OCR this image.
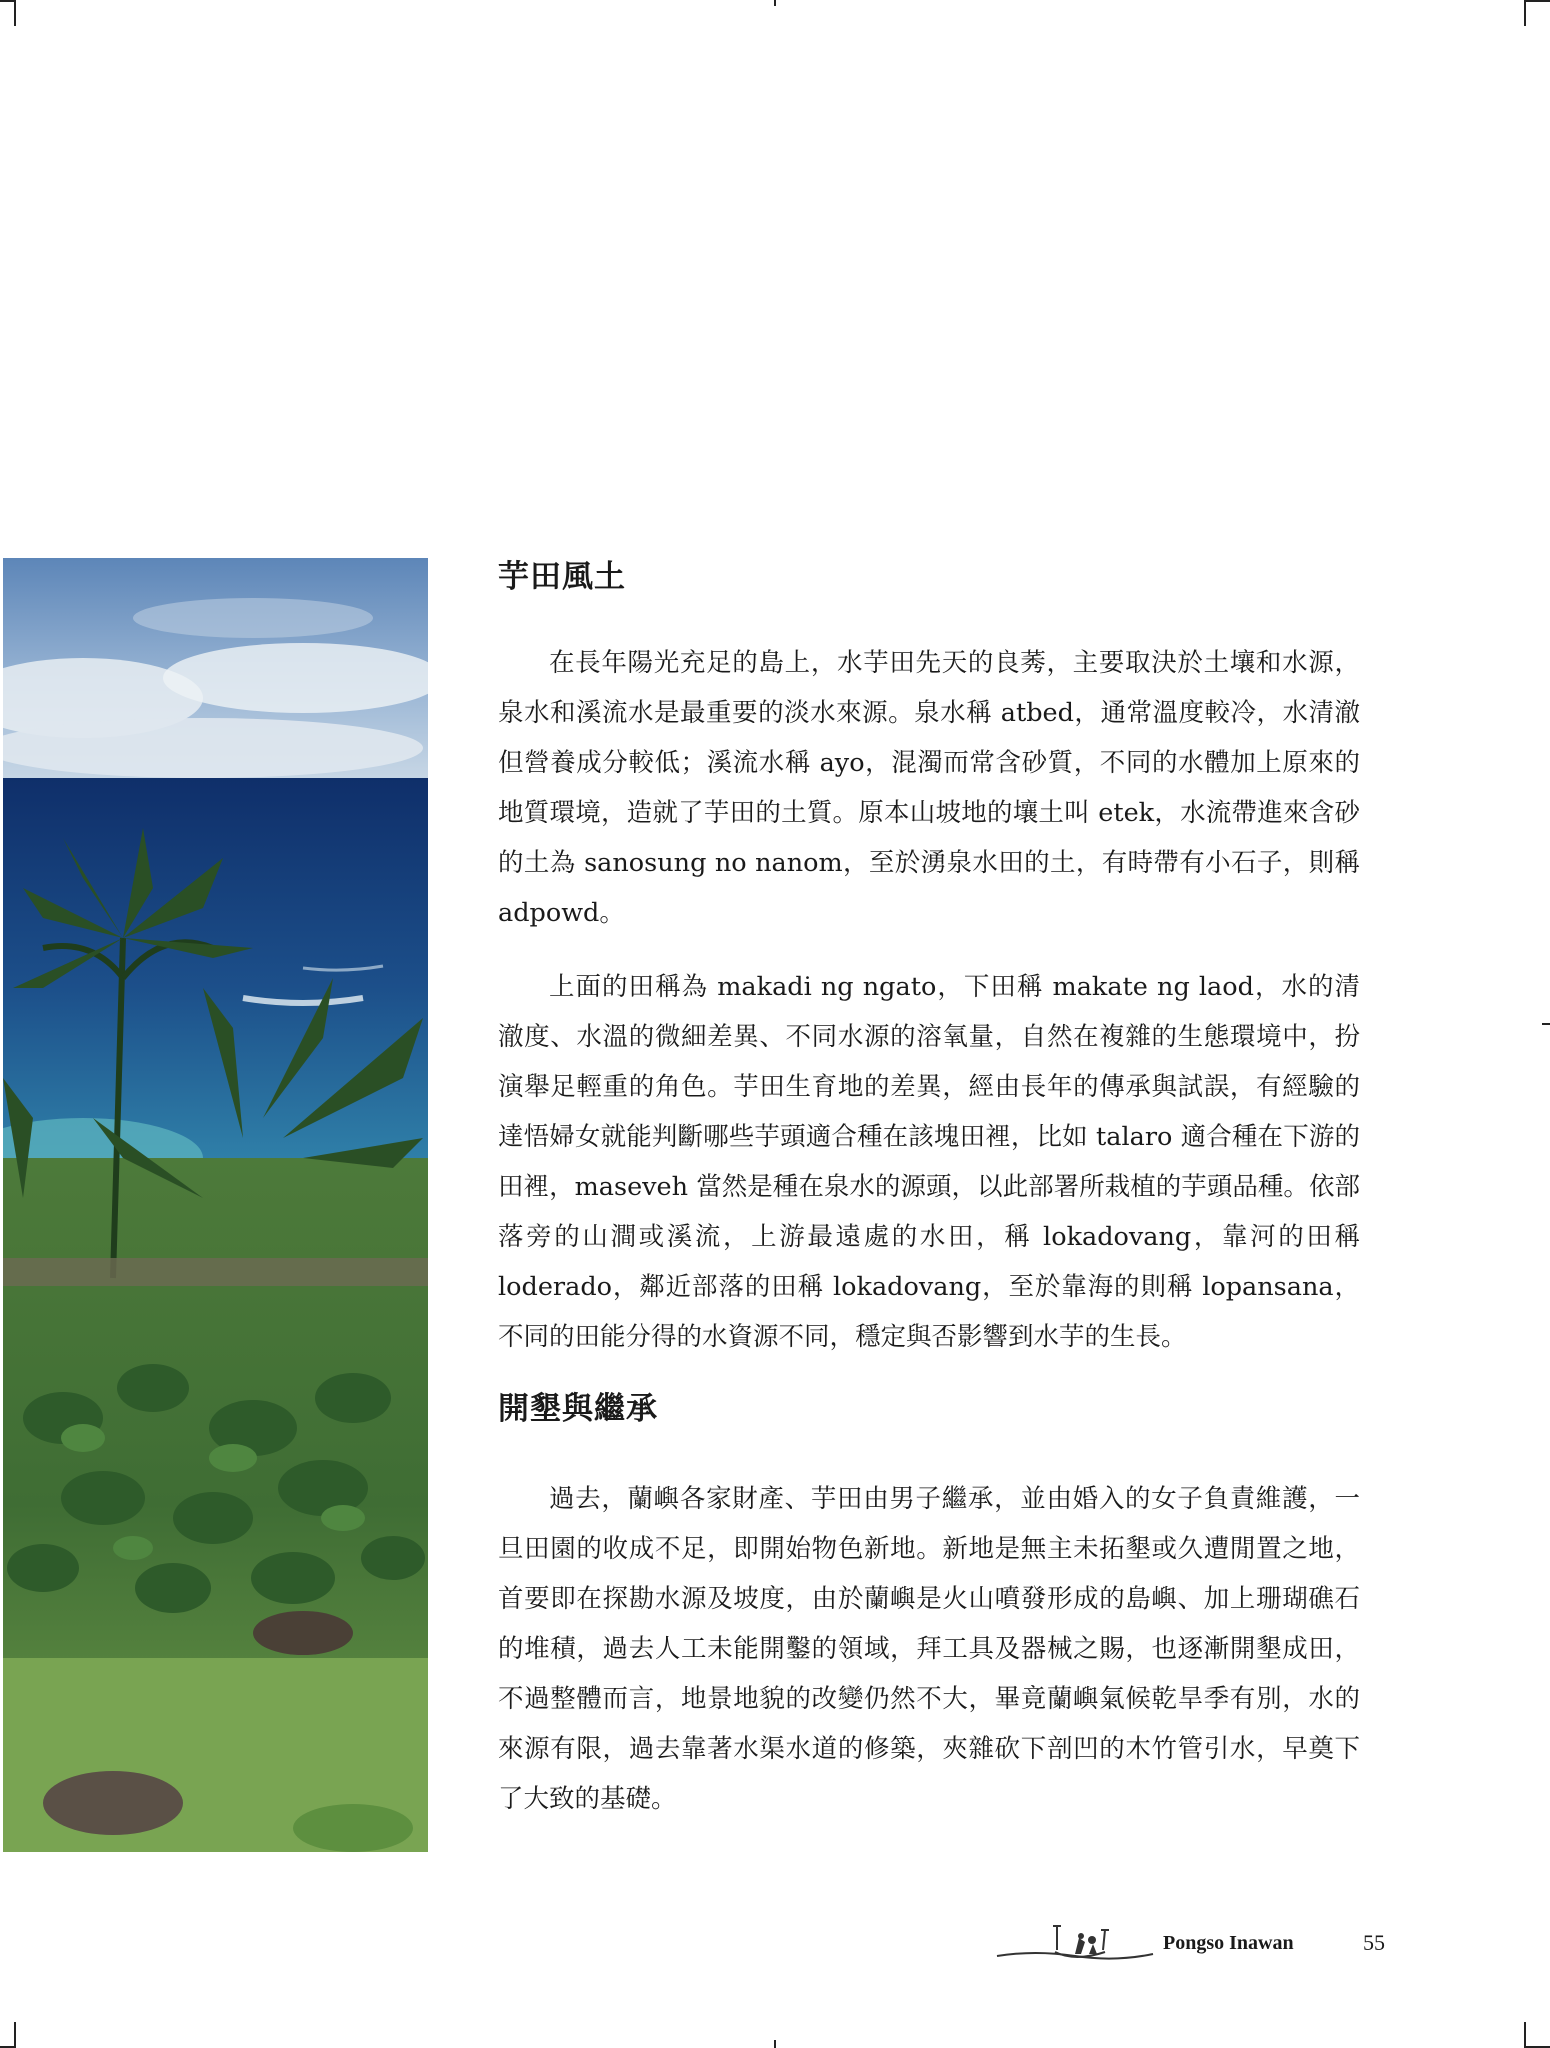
芋田風土

在長年陽光充足的島上，水芋田先天的良莠，主要取決於土壤和水源，泉水和溪流水是最重要的淡水來源。泉水稱 atbed，通常溫度較冷，水清澈但營養成分較低；溪流水稱 ayo，混濁而常含砂質，不同的水體加上原來的地質環境，造就了芋田的土質。原本山坡地的壤土叫 etek，水流帶進來含砂的土為 sanosung no nanom，至於湧泉水田的土，有時帶有小石子，則稱 adpowd。

上面的田稱為 makadi ng ngato，下田稱 makate ng laod，水的清澈度、水溫的微細差異、不同水源的溶氧量，自然在複雜的生態環境中，扮演舉足輕重的角色。芋田生育地的差異，經由長年的傳承與試誤，有經驗的達悟婦女就能判斷哪些芋頭適合種在該塊田裡，比如 talaro 適合種在下游的田裡，maseveh 當然是種在泉水的源頭，以此部署所栽植的芋頭品種。依部落旁的山澗或溪流，上游最遠處的水田，稱 lokadovang，靠河的田稱 loderado，鄰近部落的田稱 lokadovang，至於靠海的則稱 lopansana，不同的田能分得的水資源不同，穩定與否影響到水芋的生長。

開墾與繼承

過去，蘭嶼各家財產、芋田由男子繼承，並由婚入的女子負責維護，一旦田園的收成不足，即開始物色新地。新地是無主未拓墾或久遭閒置之地，首要即在探勘水源及坡度，由於蘭嶼是火山噴發形成的島嶼、加上珊瑚礁石的堆積，過去人工未能開鑿的領域，拜工具及器械之賜，也逐漸開墾成田，不過整體而言，地景地貌的改變仍然不大，畢竟蘭嶼氣候乾旱季有別，水的來源有限，過去靠著水渠水道的修築，夾雜砍下剖凹的木竹管引水，早奠下了大致的基礎。

Pongso Inawan	55
